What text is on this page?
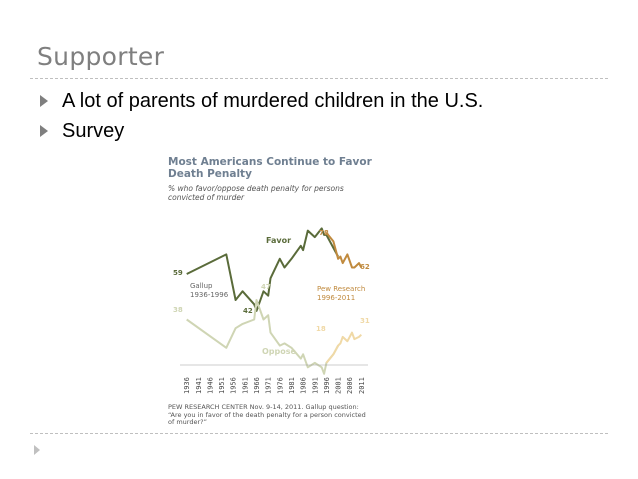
Supporter
A lot of parents of murdered children in the U.S.
Survey
Most Americans Continue to Favor
Death Penalty
% who favor/oppose death penalty for persons convicted of murder
1936 1941 1946 1951 1956 1961 1966 1971 1976 1981 1986 1991 1996 2001 2006 2011
Favor
Oppose
Gallup
1936-1996
Pew Research
1996-2011
59
38	42
47
78
18
62
31
PEW RESEARCH CENTER Nov. 9-14, 2011. Gallup question:
“Are you in favor of the death penalty for a person convicted
of murder?”
